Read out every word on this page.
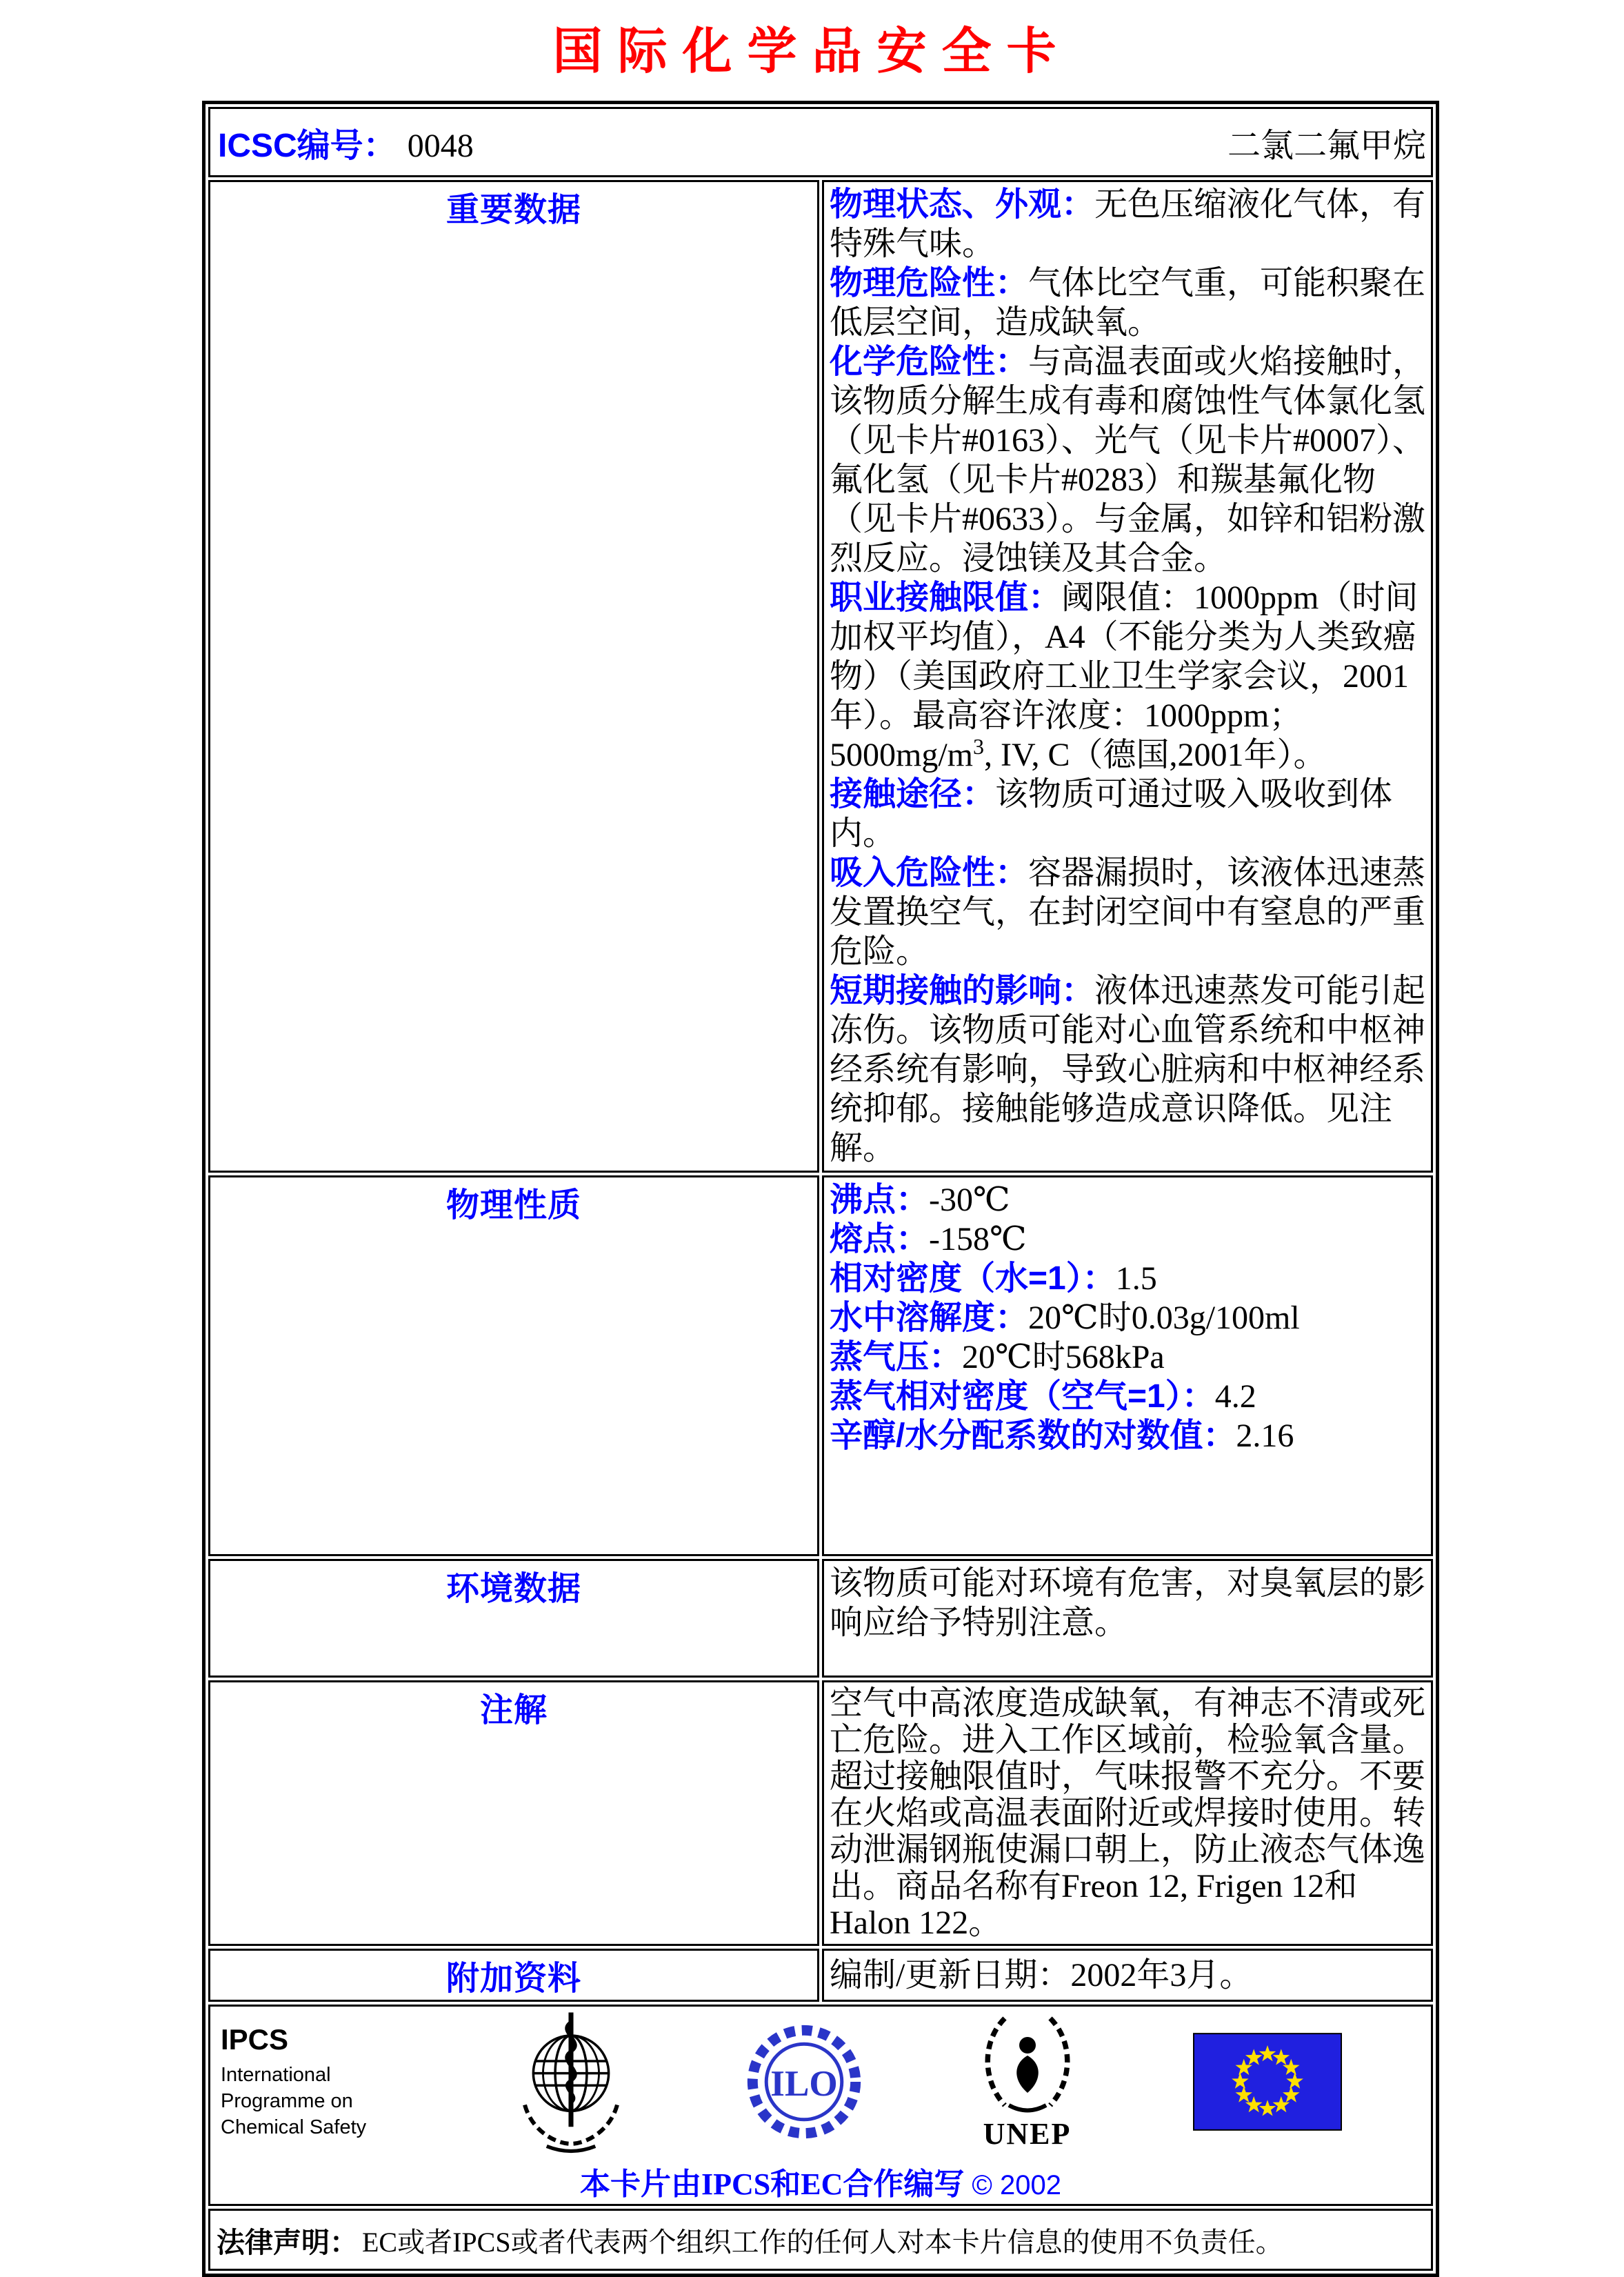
国际化学品安全卡
ICSC编号： 0048 二氯二氟甲烷	

重要数据	物理状态、外观：无色压缩液化气体，有特殊气味。
物理危险性：气体比空气重，可能积聚在低层空间，造成缺氧。
化学危险性：与高温表面或火焰接触时，该物质分解生成有毒和腐蚀性气体氯化氢（见卡片#0163）、光气（见卡片#0007）、氟化氢（见卡片#0283）和羰基氟化物（见卡片#0633）。与金属，如锌和铝粉激烈反应。浸蚀镁及其合金。
职业接触限值：阈限值：1000ppm（时间加权平均值），A4（不能分类为人类致癌物）（美国政府工业卫生学家会议，2001年）。最高容许浓度：1000ppm；$5000mg/m^3$, IV, C（德国,2001年）。
接触途径：该物质可通过吸入吸收到体内。
吸入危险性：容器漏损时，该液体迅速蒸发置换空气，在封闭空间中有窒息的严重危险。
短期接触的影响：液体迅速蒸发可能引起冻伤。该物质可能对心血管系统和中枢神经系统有影响，导致心脏病和中枢神经系统抑郁。接触能够造成意识降低。见注解。

物理性质	沸点：-30℃
熔点：-158℃
相对密度（水=1）：1.5
水中溶解度：20℃时0.03g/100ml
蒸气压：20℃时568kPa
蒸气相对密度（空气=1）：4.2
辛醇/水分配系数的对数值：2.16

环境数据	该物质可能对环境有危害，对臭氧层的影响应给予特别注意。
注解	空气中高浓度造成缺氧，有神志不清或死亡危险。进入工作区域前，检验氧含量。超过接触限值时，气味报警不充分。不要在火焰或高温表面附近或焊接时使用。转动泄漏钢瓶使漏口朝上，防止液态气体逸出。商品名称有Freon 12, Frigen 12和 Halon 122。
附加资料	编制/更新日期：2002年3月。

IPCS
International
Programme on
Chemical Safety
ILO
UNEP
本卡片由IPCS和EC合作编写 © 2002

法律声明： EC或者IPCS或者代表两个组织工作的任何人对本卡片信息的使用不负责任。	
